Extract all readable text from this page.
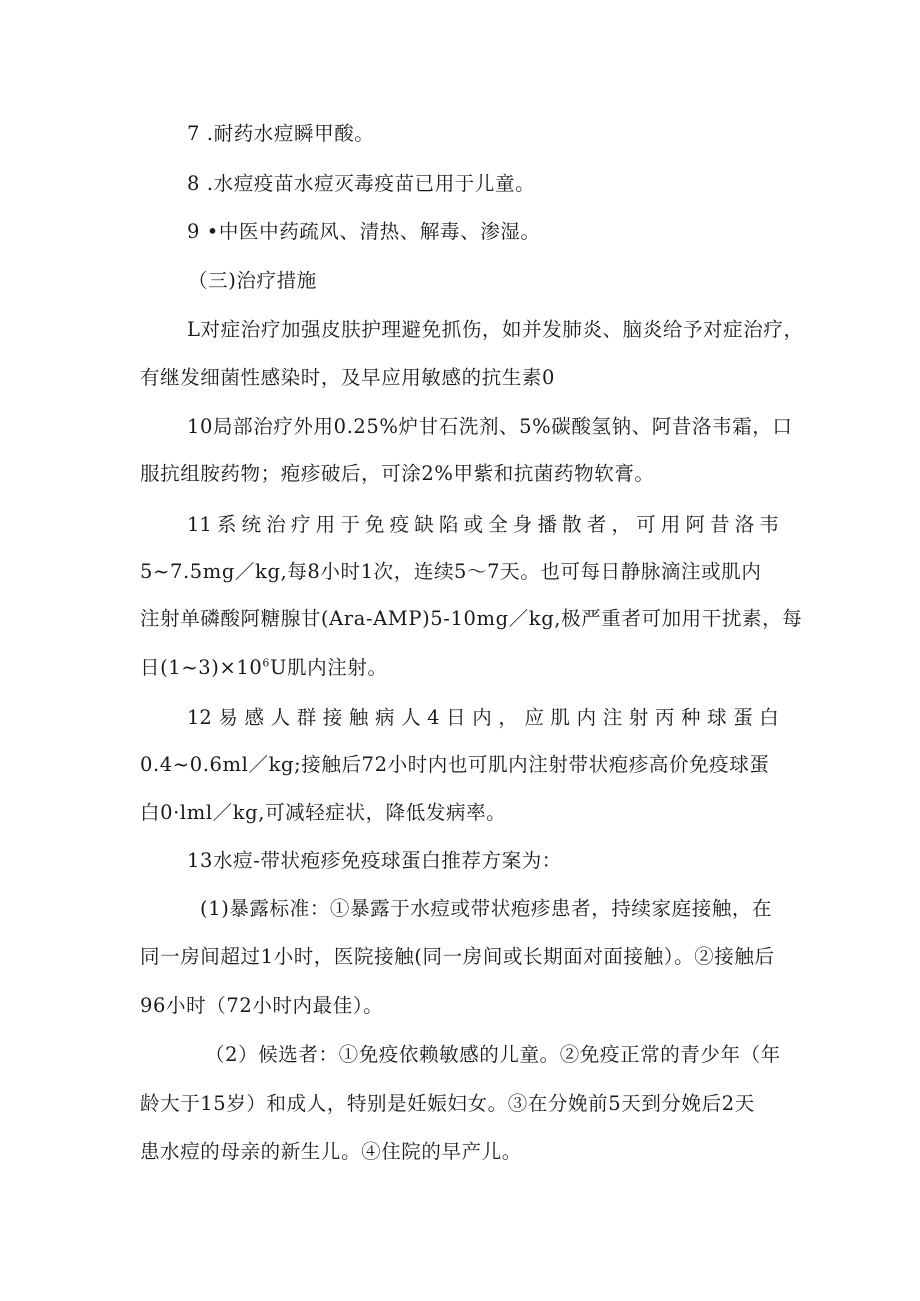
7 .耐药水痘瞬甲酸。
8 .水痘疫苗水痘灭毒疫苗已用于儿童。
9 •中医中药疏风、清热、解毒、渗湿。
（三)治疗措施
L对症治疗加强皮肤护理避免抓伤，如并发肺炎、脑炎给予对症治疗，
有继发细菌性感染时，及早应用敏感的抗生素0
10局部治疗外用0.25%炉甘石洗剂、5%碳酸氢钠、阿昔洛韦霜，口
服抗组胺药物；疱疹破后，可涂2%甲紫和抗菌药物软膏。
11 系 统 治 疗 用 于 免 疫 缺 陷 或 全 身 播 散 者 ， 可 用 阿 昔 洛 韦
5~7.5mg／kg,每8小时1次，连续5～7天。也可每日静脉滴注或肌内
注射单磷酸阿糖腺甘(Ara-AMP)5-10mg／kg,极严重者可加用干扰素，每
日$(1\sim 3)\times 10^6U$肌内注射。
12 易 感 人 群 接 触 病 人 4 日 内 ， 应 肌 内 注 射 丙 种 球 蛋 白
0.4~0.6ml／kg;接触后72小时内也可肌内注射带状疱疹高价免疫球蛋
白0·lml／kg,可减轻症状，降低发病率。
13水痘-带状疱疹免疫球蛋白推荐方案为：
(1)暴露标准：①暴露于水痘或带状疱疹患者，持续家庭接触，在
同一房间超过1小时，医院接触(同一房间或长期面对面接触）。②接触后
96小时（72小时内最佳）。
（2）候选者：①免疫依赖敏感的儿童。②免疫正常的青少年（年
龄大于15岁）和成人，特别是妊娠妇女。③在分娩前5天到分娩后2天
患水痘的母亲的新生儿。④住院的早产儿。
